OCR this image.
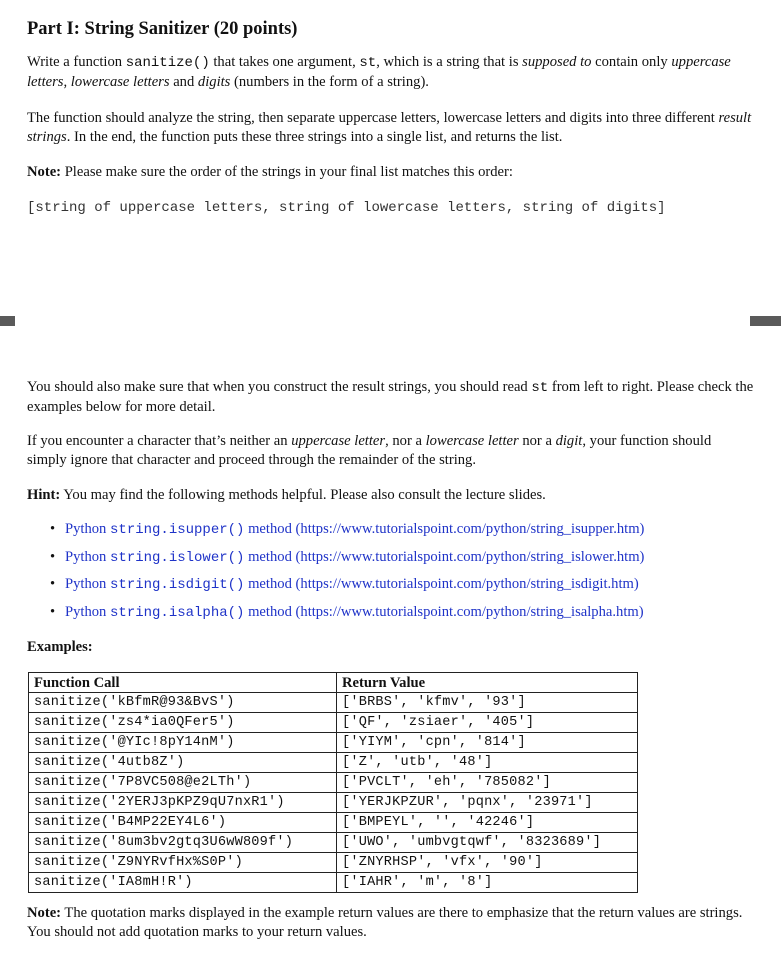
Part I: String Sanitizer (20 points)

Write a function sanitize() that takes one argument, st, which is a string that is supposed to contain only uppercase letters, lowercase letters and digits (numbers in the form of a string).

The function should analyze the string, then separate uppercase letters, lowercase letters and digits into three different result strings. In the end, the function puts these three strings into a single list, and returns the list.

Note: Please make sure the order of the strings in your final list matches this order:

[string of uppercase letters, string of lowercase letters, string of digits]

You should also make sure that when you construct the result strings, you should read st from left to right. Please check the examples below for more detail.

If you encounter a character that’s neither an uppercase letter, nor a lowercase letter nor a digit, your function should simply ignore that character and proceed through the remainder of the string.

Hint: You may find the following methods helpful. Please also consult the lecture slides.

• Python string.isupper() method (https://www.tutorialspoint.com/python/string_isupper.htm)
• Python string.islower() method (https://www.tutorialspoint.com/python/string_islower.htm)
• Python string.isdigit() method (https://www.tutorialspoint.com/python/string_isdigit.htm)
• Python string.isalpha() method (https://www.tutorialspoint.com/python/string_isalpha.htm)

Examples:

Function Call	Return Value
sanitize('kBfmR@93&BvS')	['BRBS', 'kfmv', '93']
sanitize('zs4*ia0QFer5')	['QF', 'zsiaer', '405']
sanitize('@YIc!8pY14nM')	['YIYM', 'cpn', '814']
sanitize('4utb8Z')	['Z', 'utb', '48']
sanitize('7P8VC508@e2LTh')	['PVCLT', 'eh', '785082']
sanitize('2YERJ3pKPZ9qU7nxR1')	['YERJKPZUR', 'pqnx', '23971']
sanitize('B4MP22EY4L6')	['BMPEYL', '', '42246']
sanitize('8um3bv2gtq3U6wW809f')	['UWO', 'umbvgtqwf', '8323689']
sanitize('Z9NYRvfHx%S0P')	['ZNYRHSP', 'vfx', '90']
sanitize('IA8mH!R')	['IAHR', 'm', '8']

Note: The quotation marks displayed in the example return values are there to emphasize that the return values are strings. You should not add quotation marks to your return values.
